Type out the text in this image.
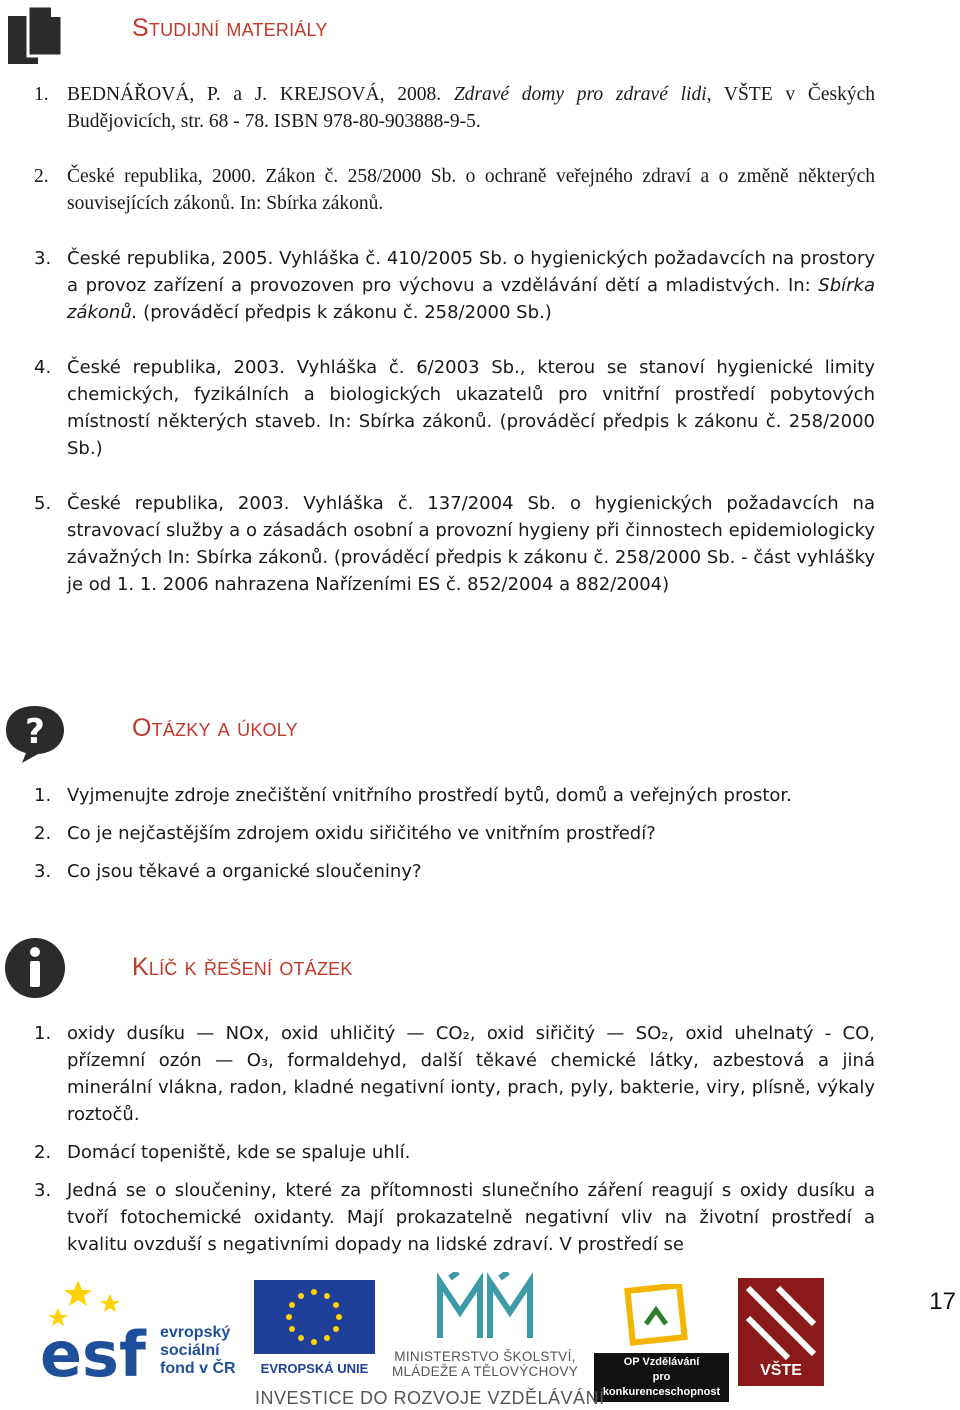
Studijní materiály
1. BEDNÁŘOVÁ, P. a J. KREJSOVÁ, 2008. Zdravé domy pro zdravé lidi, VŠTE v Českých Budějovicích, str. 68 - 78. ISBN 978-80-903888-9-5.
2. České republika, 2000. Zákon č. 258/2000 Sb. o ochraně veřejného zdraví a o změně některých souvisejících zákonů. In: Sbírka zákonů.
3. České republika, 2005. Vyhláška č. 410/2005 Sb. o hygienických požadavcích na prostory a provoz zařízení a provozoven pro výchovu a vzdělávání dětí a mladistvých. In: Sbírka zákonů. (prováděcí předpis k zákonu č. 258/2000 Sb.)
4. České republika, 2003. Vyhláška č. 6/2003 Sb., kterou se stanoví hygienické limity chemických, fyzikálních a biologických ukazatelů pro vnitřní prostředí pobytových místností některých staveb. In: Sbírka zákonů. (prováděcí předpis k zákonu č. 258/2000 Sb.)
5. České republika, 2003. Vyhláška č. 137/2004 Sb. o hygienických požadavcích na stravovací služby a o zásadách osobní a provozní hygieny při činnostech epidemiologicky závažných In: Sbírka zákonů. (prováděcí předpis k zákonu č. 258/2000 Sb. - část vyhlášky je od 1. 1. 2006 nahrazena Nařízeními ES č. 852/2004 a 882/2004)
?	Otázky a úkoly
1. Vyjmenujte zdroje znečištění vnitřního prostředí bytů, domů a veřejných prostor.
2. Co je nejčastějším zdrojem oxidu siřičitého ve vnitřním prostředí?
3. Co jsou těkavé a organické sloučeniny?
Klíč k řešení otázek
1. oxidy dusíku — NOx, oxid uhličitý — CO₂, oxid siřičitý — SO₂, oxid uhelnatý - CO, přízemní ozón — O₃, formaldehyd, další těkavé chemické látky, azbestová a jiná minerální vlákna, radon, kladné negativní ionty, prach, pyly, bakterie, viry, plísně, výkaly roztočů.
2. Domácí topeniště, kde se spaluje uhlí.
3. Jedná se o sloučeniny, které za přítomnosti slunečního záření reagují s oxidy dusíku a tvoří fotochemické oxidanty. Mají prokazatelně negativní vliv na životní prostředí a kvalitu ovzduší s negativními dopady na lidské zdraví. V prostředí se
esf evropský
sociální
fond v ČR	EVROPSKÁ UNIE
MINISTERSTVO ŠKOLSTVÍ,
MLÁDEŽE A TĚLOVÝCHOVY
OP Vzdělávání
pro konkurenceschopnost
VŠTE
INVESTICE DO ROZVOJE VZDĚLÁVÁNÍ
17
